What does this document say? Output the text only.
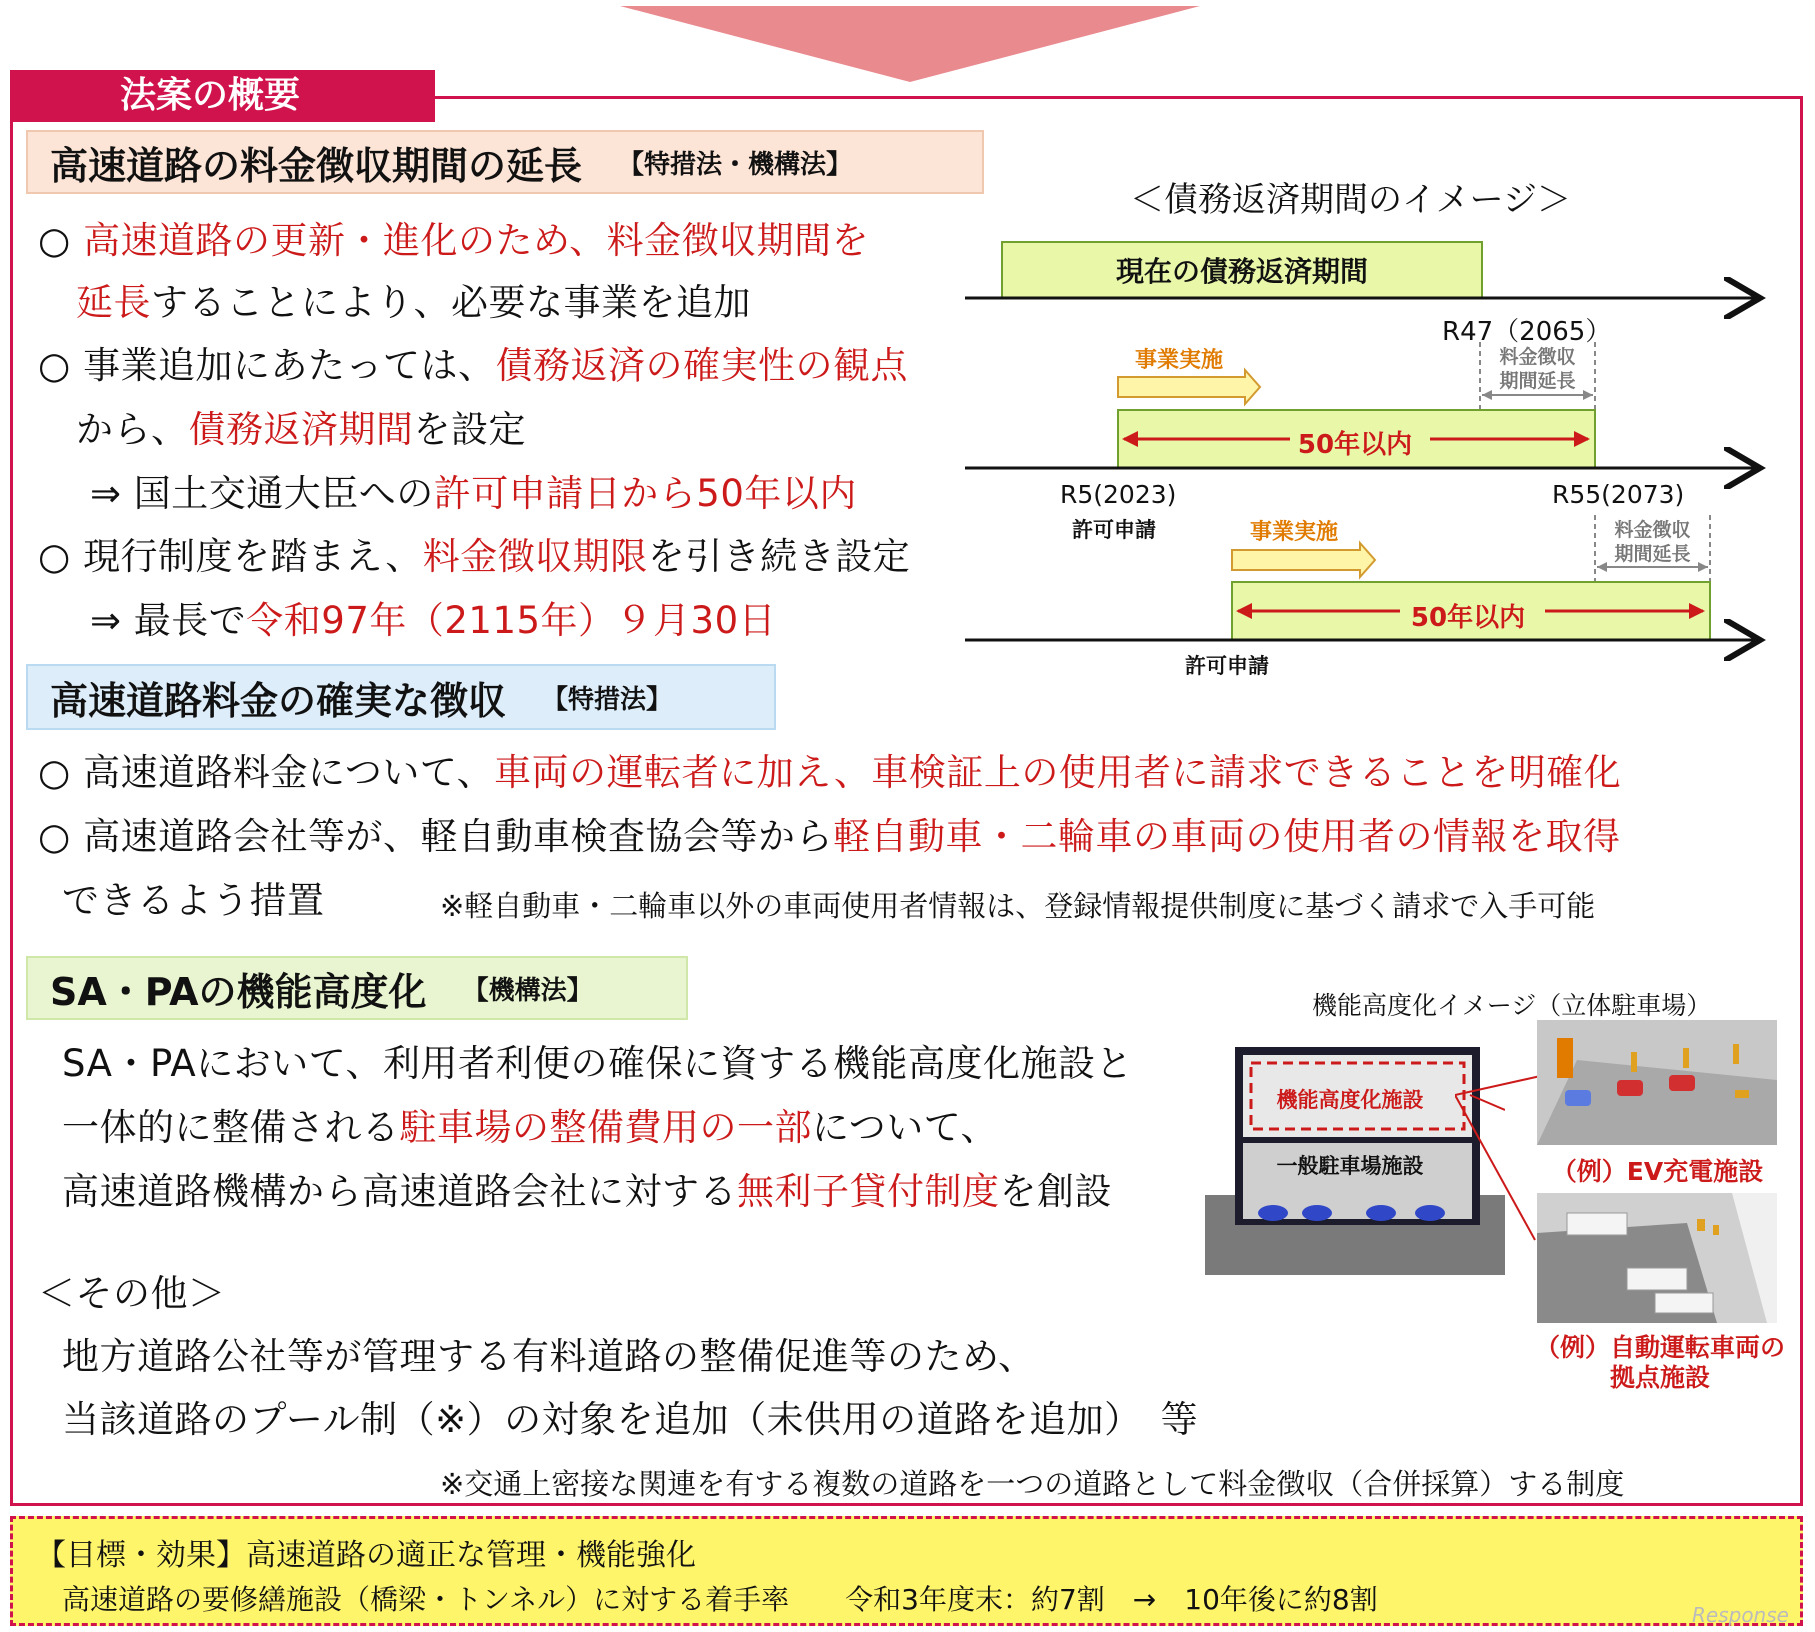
法案の概要
高速道路の料金徴収期間の延長 【特措法・機構法】
○ 高速道路の更新・進化のため、料金徴収期間を
延長することにより、必要な事業を追加
○ 事業追加にあたっては、債務返済の確実性の観点
から、債務返済期間を設定
⇒ 国土交通大臣への許可申請日から50年以内
○ 現行制度を踏まえ、料金徴収期限を引き続き設定
⇒ 最長で令和97年（2115年）９月30日
＜債務返済期間のイメージ＞
現在の債務返済期間
R47（2065）
料金徴収
期間延長
事業実施
50年以内
R5(2023)
許可申請
R55(2073)
料金徴収
期間延長
事業実施
50年以内
許可申請
高速道路料金の確実な徴収 【特措法】
○ 高速道路料金について、車両の運転者に加え、車検証上の使用者に請求できることを明確化
○ 高速道路会社等が、軽自動車検査協会等から軽自動車・二輪車の車両の使用者の情報を取得
できるよう措置	※軽自動車・二輪車以外の車両使用者情報は、登録情報提供制度に基づく請求で入手可能
SA・PAの機能高度化 【機構法】
SA・PAにおいて、利用者利便の確保に資する機能高度化施設と
一体的に整備される駐車場の整備費用の一部について、
高速道路機構から高速道路会社に対する無利子貸付制度を創設
機能高度化イメージ（立体駐車場）
機能高度化施設
一般駐車場施設	（例）EV充電施設
（例）自動運転車両の
拠点施設
＜その他＞
地方道路公社等が管理する有料道路の整備促進等のため、
当該道路のプール制（※）の対象を追加（未供用の道路を追加）　等
※交通上密接な関連を有する複数の道路を一つの道路として料金徴収（合併採算）する制度
【目標・効果】高速道路の適正な管理・機能強化
高速道路の要修繕施設（橋梁・トンネル）に対する着手率　　令和3年度末：約7割　→　10年後に約8割	Response
